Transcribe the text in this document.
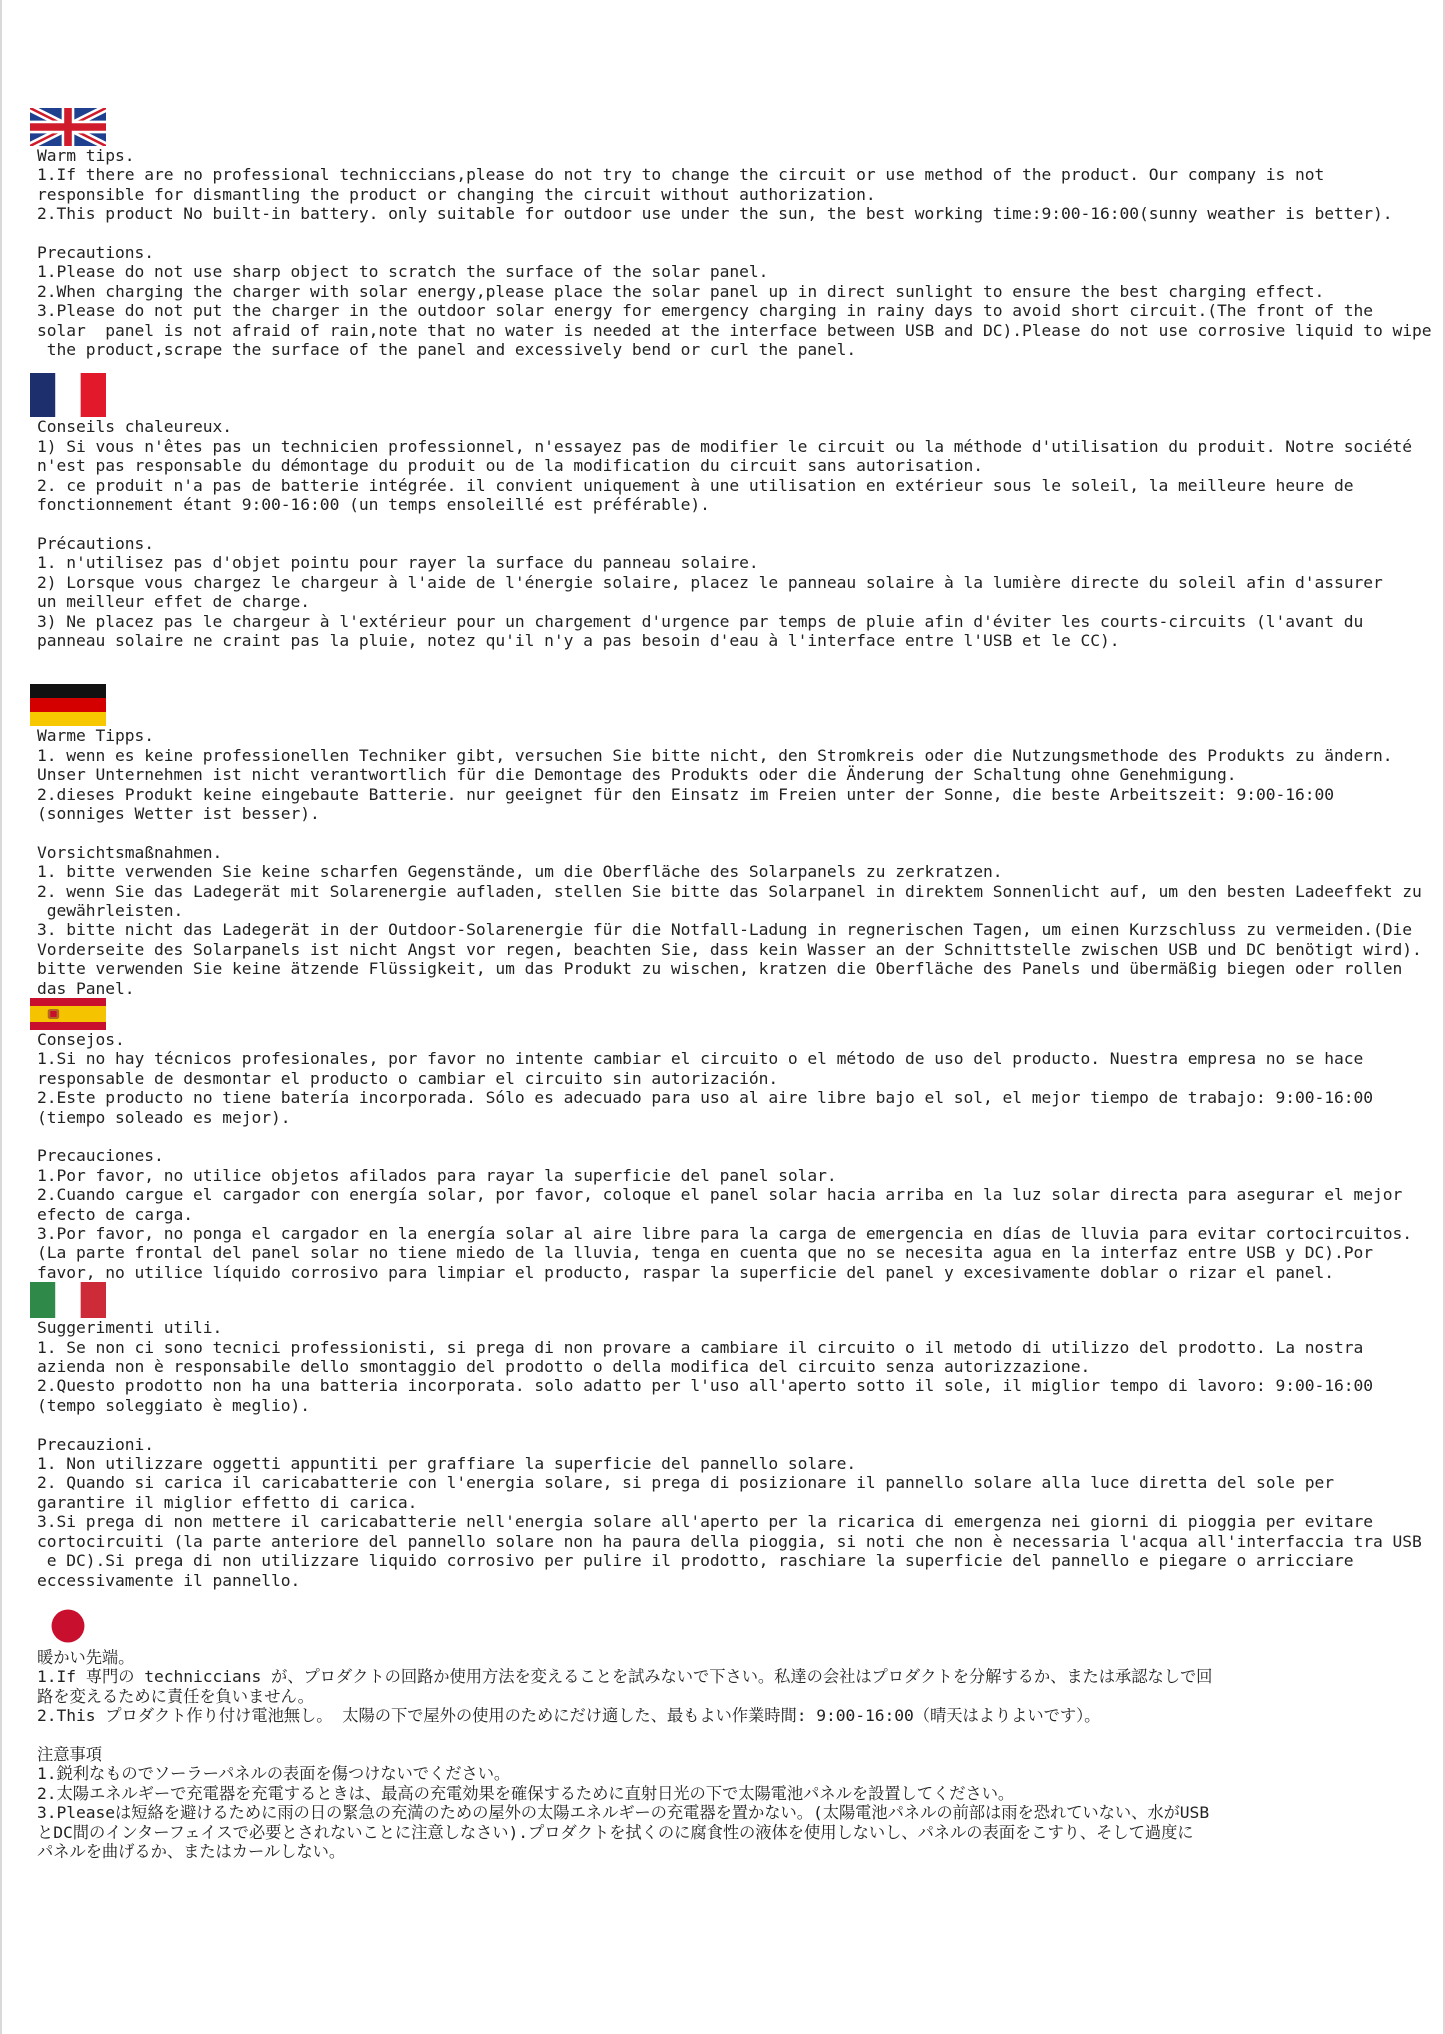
Warm tips.
1.If there are no professional techniccians,please do not try to change the circuit or use method of the product. Our company is not
responsible for dismantling the product or changing the circuit without authorization.
2.This product No built-in battery. only suitable for outdoor use under the sun, the best working time:9:00-16:00(sunny weather is better).
Precautions.
1.Please do not use sharp object to scratch the surface of the solar panel.
2.When charging the charger with solar energy,please place the solar panel up in direct sunlight to ensure the best charging effect.
3.Please do not put the charger in the outdoor solar energy for emergency charging in rainy days to avoid short circuit.(The front of the
solar  panel is not afraid of rain,note that no water is needed at the interface between USB and DC).Please do not use corrosive liquid to wipe
the product,scrape the surface of the panel and excessively bend or curl the panel.
Conseils chaleureux.
1) Si vous n'êtes pas un technicien professionnel, n'essayez pas de modifier le circuit ou la méthode d'utilisation du produit. Notre société
n'est pas responsable du démontage du produit ou de la modification du circuit sans autorisation.
2. ce produit n'a pas de batterie intégrée. il convient uniquement à une utilisation en extérieur sous le soleil, la meilleure heure de
fonctionnement étant 9:00-16:00 (un temps ensoleillé est préférable).
Précautions.
1. n'utilisez pas d'objet pointu pour rayer la surface du panneau solaire.
2) Lorsque vous chargez le chargeur à l'aide de l'énergie solaire, placez le panneau solaire à la lumière directe du soleil afin d'assurer
un meilleur effet de charge.
3) Ne placez pas le chargeur à l'extérieur pour un chargement d'urgence par temps de pluie afin d'éviter les courts-circuits (l'avant du
panneau solaire ne craint pas la pluie, notez qu'il n'y a pas besoin d'eau à l'interface entre l'USB et le CC).
Warme Tipps.
1. wenn es keine professionellen Techniker gibt, versuchen Sie bitte nicht, den Stromkreis oder die Nutzungsmethode des Produkts zu ändern.
Unser Unternehmen ist nicht verantwortlich für die Demontage des Produkts oder die Änderung der Schaltung ohne Genehmigung.
2.dieses Produkt keine eingebaute Batterie. nur geeignet für den Einsatz im Freien unter der Sonne, die beste Arbeitszeit: 9:00-16:00
(sonniges Wetter ist besser).
Vorsichtsmaßnahmen.
1. bitte verwenden Sie keine scharfen Gegenstände, um die Oberfläche des Solarpanels zu zerkratzen.
2. wenn Sie das Ladegerät mit Solarenergie aufladen, stellen Sie bitte das Solarpanel in direktem Sonnenlicht auf, um den besten Ladeeffekt zu
gewährleisten.
3. bitte nicht das Ladegerät in der Outdoor-Solarenergie für die Notfall-Ladung in regnerischen Tagen, um einen Kurzschluss zu vermeiden.(Die
Vorderseite des Solarpanels ist nicht Angst vor regen, beachten Sie, dass kein Wasser an der Schnittstelle zwischen USB und DC benötigt wird).
bitte verwenden Sie keine ätzende Flüssigkeit, um das Produkt zu wischen, kratzen die Oberfläche des Panels und übermäßig biegen oder rollen
das Panel.
Consejos.
1.Si no hay técnicos profesionales, por favor no intente cambiar el circuito o el método de uso del producto. Nuestra empresa no se hace
responsable de desmontar el producto o cambiar el circuito sin autorización.
2.Este producto no tiene batería incorporada. Sólo es adecuado para uso al aire libre bajo el sol, el mejor tiempo de trabajo: 9:00-16:00
(tiempo soleado es mejor).
Precauciones.
1.Por favor, no utilice objetos afilados para rayar la superficie del panel solar.
2.Cuando cargue el cargador con energía solar, por favor, coloque el panel solar hacia arriba en la luz solar directa para asegurar el mejor
efecto de carga.
3.Por favor, no ponga el cargador en la energía solar al aire libre para la carga de emergencia en días de lluvia para evitar cortocircuitos.
(La parte frontal del panel solar no tiene miedo de la lluvia, tenga en cuenta que no se necesita agua en la interfaz entre USB y DC).Por
favor, no utilice líquido corrosivo para limpiar el producto, raspar la superficie del panel y excesivamente doblar o rizar el panel.
Suggerimenti utili.
1. Se non ci sono tecnici professionisti, si prega di non provare a cambiare il circuito o il metodo di utilizzo del prodotto. La nostra
azienda non è responsabile dello smontaggio del prodotto o della modifica del circuito senza autorizzazione.
2.Questo prodotto non ha una batteria incorporata. solo adatto per l'uso all'aperto sotto il sole, il miglior tempo di lavoro: 9:00-16:00
(tempo soleggiato è meglio).
Precauzioni.
1. Non utilizzare oggetti appuntiti per graffiare la superficie del pannello solare.
2. Quando si carica il caricabatterie con l'energia solare, si prega di posizionare il pannello solare alla luce diretta del sole per
garantire il miglior effetto di carica.
3.Si prega di non mettere il caricabatterie nell'energia solare all'aperto per la ricarica di emergenza nei giorni di pioggia per evitare
cortocircuiti (la parte anteriore del pannello solare non ha paura della pioggia, si noti che non è necessaria l'acqua all'interfaccia tra USB
e DC).Si prega di non utilizzare liquido corrosivo per pulire il prodotto, raschiare la superficie del pannello e piegare o arricciare
eccessivamente il pannello.
暖かい先端。
1.If 専門の techniccians が、プロダクトの回路か使用方法を変えることを試みないで下さい。私達の会社はプロダクトを分解するか、または承認なしで回
路を変えるために責任を負いません。
2.This プロダクト作り付け電池無し。 太陽の下で屋外の使用のためにだけ適した、最もよい作業時間: 9:00-16:00（晴天はよりよいです）。
注意事項
1.鋭利なものでソーラーパネルの表面を傷つけないでください。
2.太陽エネルギーで充電器を充電するときは、最高の充電効果を確保するために直射日光の下で太陽電池パネルを設置してください。
3.Pleaseは短絡を避けるために雨の日の緊急の充満のための屋外の太陽エネルギーの充電器を置かない。(太陽電池パネルの前部は雨を恐れていない、水がUSB
とDC間のインターフェイスで必要とされないことに注意しなさい).プロダクトを拭くのに腐食性の液体を使用しないし、パネルの表面をこすり、そして過度に
パネルを曲げるか、またはカールしない。
